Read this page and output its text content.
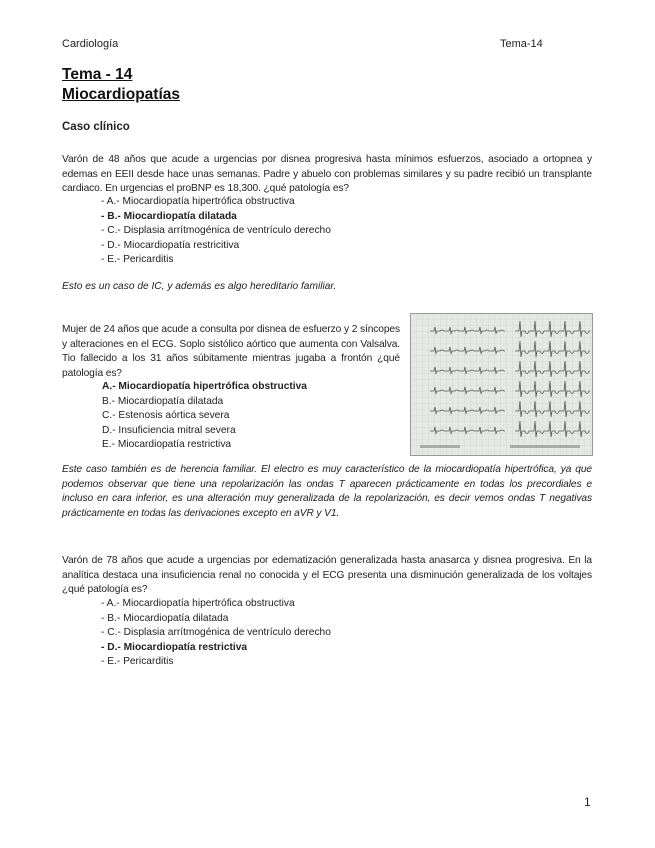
Cardiología	Tema-14
Tema - 14
Miocardiopatías
Caso clínico
Varón de 48 años que acude a urgencias por disnea progresiva hasta mínimos esfuerzos, asociado a ortopnea y edemas en EEII desde hace unas semanas. Padre y abuelo con problemas similares y su padre recibió un transplante cardiaco. En urgencias el proBNP es 18,300. ¿qué patología es?
- A.- Miocardiopatía hipertrófica obstructiva
- B.- Miocardiopatía dilatada
- C.- Displasia arrítmogénica de ventrículo derecho
- D.- Miocardiopatía restricitiva
- E.- Pericarditis
Esto es un caso de IC, y además es algo hereditario familiar.
Mujer de 24 años que acude a consulta por disnea de esfuerzo y 2 síncopes y alteraciones en el ECG. Soplo sistólico aórtico que aumenta con Valsalva. Tio fallecido a los 31 años súbitamente mientras jugaba a frontón ¿qué patología es?
A.- Miocardiopatía hipertrófica obstructiva
B.- Miocardiopatía dilatada
C.- Estenosis aórtica severa
D.- Insuficiencia mitral severa
E.- Miocardiopatía restrictiva
Este caso también es de herencia familiar. El electro es muy característico de la miocardiopatía hipertrófica, ya que podemos observar que tiene una repolarización las ondas T aparecen prácticamente en todas los precordiales e incluso en cara inferior, es una alteración muy generalizada de la repolarización, es decir vemos ondas T negativas prácticamente en todas las derivaciones excepto en aVR y V1.
Varón de 78 años que acude a urgencias por edematización generalizada hasta anasarca y disnea progresiva. En la analítica destaca una insuficiencia renal no conocida y el ECG presenta una disminución generalizada de los voltajes ¿qué patología es?
- A.- Miocardiopatía hipertrófica obstructiva
- B.- Miocardiopatía dilatada
- C.- Displasia arrítmogénica de ventrículo derecho
- D.- Miocardiopatía restrictiva
- E.- Pericarditis
1
